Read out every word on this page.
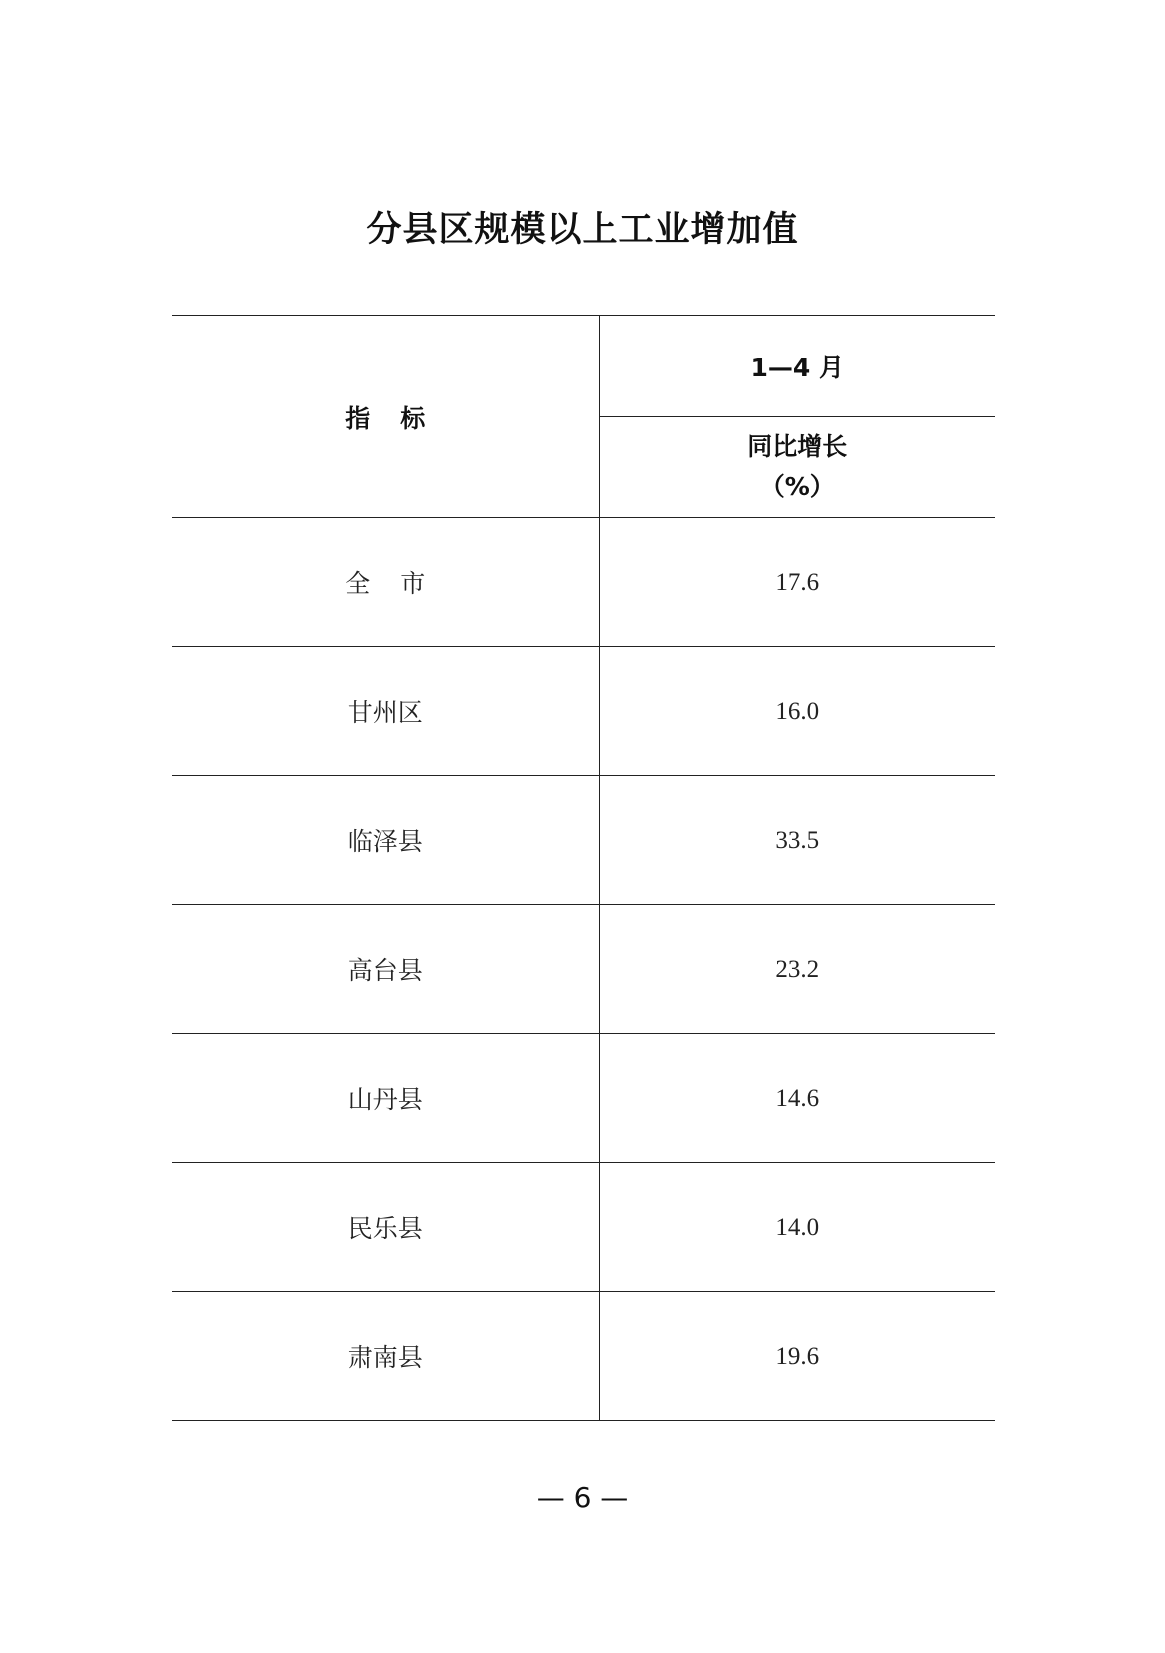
分县区规模以上工业增加值
指标	1—4 月

	同比增长
（%）

全市	17.6
甘州区	16.0
临泽县	33.5
高台县	23.2
山丹县	14.6
民乐县	14.0
肃南县	19.6
— 6 —
